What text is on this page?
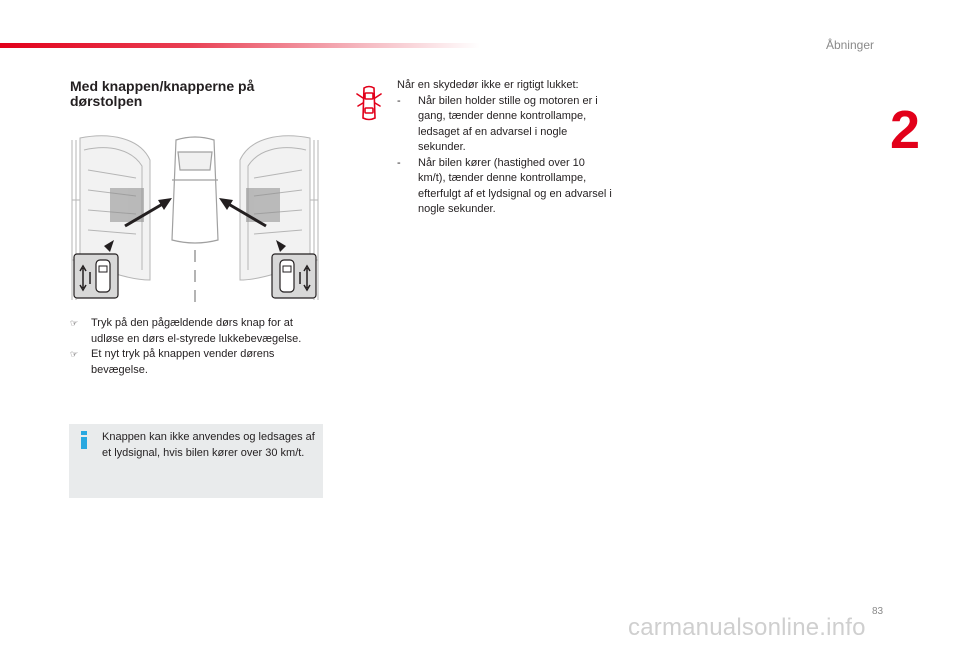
Åbninger
2
Med knappen/knapperne på dørstolpen

☞ Tryk på den pågældende dørs knap for at udløse en dørs el-styrede lukkebevægelse.

☞ Et nyt tryk på knappen vender dørens bevægelse.

Knappen kan ikke anvendes og ledsages af et lydsignal, hvis bilen kører over 30 km/t.

Når en skydedør ikke er rigtigt lukket:

- Når bilen holder stille og motoren er i gang, tænder denne kontrollampe, ledsaget af en advarsel i nogle sekunder.

- Når bilen kører (hastighed over 10 km/t), tænder denne kontrollampe, efterfulgt af et lydsignal og en advarsel i nogle sekunder.

83
carmanualsonline.info
